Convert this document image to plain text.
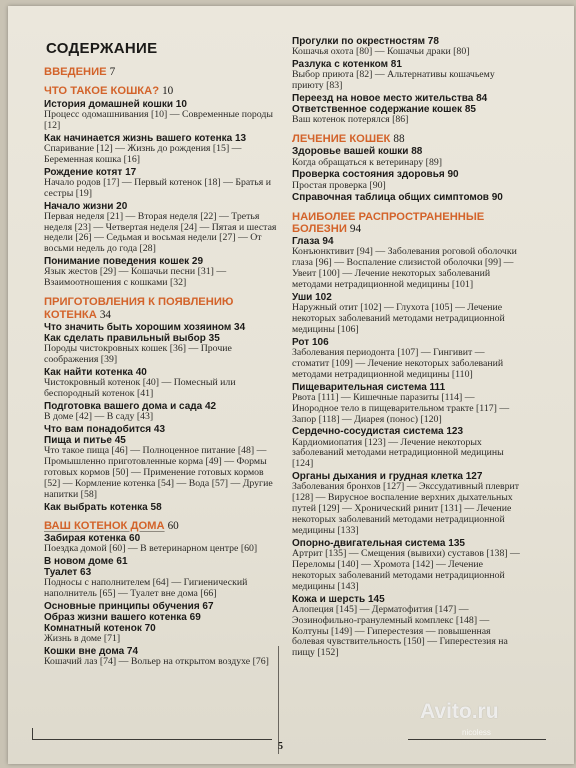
СОДЕРЖАНИЕ
ВВЕДЕНИЕ 7
ЧТО ТАКОЕ КОШКА? 10
История домашней кошки 10
Процесс одомашнивания [10] — Современные породы [12]
Как начинается жизнь вашего котенка 13
Спаривание [12] — Жизнь до рождения [15] — Беременная кошка [16]
Рождение котят 17
Начало родов [17] — Первый котенок [18] — Братья и сестры [19]
Начало жизни 20
Первая неделя [21] — Вторая неделя [22] — Третья неделя [23] — Четвертая неделя [24] — Пятая и шестая недели [26] — Седьмая и восьмая недели [27] — От восьми недель до года [28]
Понимание поведения кошек 29
Язык жестов [29] — Кошачьи песни [31] — Взаимоотношения с кошками [32]
ПРИГОТОВЛЕНИЯ К ПОЯВЛЕНИЮ КОТЕНКА 34
Что значить быть хорошим хозяином 34
Как сделать правильный выбор 35
Породы чистокровных кошек [36] — Прочие соображения [39]
Как найти котенка 40
Чистокровный котенок [40] — Помесный или беспородный котенок [41]
Подготовка вашего дома и сада 42
В доме [42] — В саду [43]
Что вам понадобится 43
Пища и питье 45
Что такое пища [46] — Полноценное питание [48] — Промышленно приготовленные корма [49] — Формы готовых кормов [50] — Применение готовых кормов [52] — Кормление котенка [54] — Вода [57] — Другие напитки [58]
Как выбрать котенка 58
ВАШ КОТЕНОК ДОМА 60
Забирая котенка 60
Поездка домой [60] — В ветеринарном центре [60]
В новом доме 61
Туалет 63
Подносы с наполнителем [64] — Гигиенический наполнитель [65] — Туалет вне дома [66]
Основные принципы обучения 67
Образ жизни вашего котенка 69
Комнатный котенок 70
Жизнь в доме [71]
Кошки вне дома 74
Кошачий лаз [74] — Вольер на открытом воздухе [76]
Прогулки по окрестностям 78
Кошачья охота [80] — Кошачьи драки [80]
Разлука с котенком 81
Выбор приюта [82] — Альтернативы кошачьему приюту [83]
Переезд на новое место жительства 84
Ответственное содержание кошек 85
Ваш котенок потерялся [86]
ЛЕЧЕНИЕ КОШЕК 88
Здоровье вашей кошки 88
Когда обращаться к ветеринару [89]
Проверка состояния здоровья 90
Простая проверка [90]
Справочная таблица общих симптомов 90
НАИБОЛЕЕ РАСПРОСТРАНЕННЫЕ БОЛЕЗНИ 94
Глаза 94
Конъюнктивит [94] — Заболевания роговой оболочки глаза [96] — Воспаление слизистой оболочки [99] — Увеит [100] — Лечение некоторых заболеваний методами нетрадиционной медицины [101]
Уши 102
Наружный отит [102] — Глухота [105] — Лечение некоторых заболеваний методами нетрадиционной медицины [106]
Рот 106
Заболевания периодонта [107] — Гингивит — стоматит [109] — Лечение некоторых заболеваний методами нетрадиционной медицины [110]
Пищеварительная система 111
Рвота [111] — Кишечные паразиты [114] — Инородное тело в пищеварительном тракте [117] — Запор [118] — Диарея (понос) [120]
Сердечно-сосудистая система 123
Кардиомиопатия [123] — Лечение некоторых заболеваний методами нетрадиционной медицины [124]
Органы дыхания и грудная клетка 127
Заболевания бронхов [127] — Экссудативный плеврит [128] — Вирусное воспаление верхних дыхательных путей [129] — Хронический ринит [131] — Лечение некоторых заболеваний методами нетрадиционной медицины [133]
Опорно-двигательная система 135
Артрит [135] — Смещения (вывихи) суставов [138] — Переломы [140] — Хромота [142] — Лечение некоторых заболеваний методами нетрадиционной медицины [143]
Кожа и шерсть 145
Алопеция [145] — Дерматофития [147] — Эозинофильно-гранулемный комплекс [148] — Колтуны [149] — Гиперестезия — повышенная болевая чувствительность [150] — Гиперестезия на пищу [152]
5
Avito.ru
nicoless
